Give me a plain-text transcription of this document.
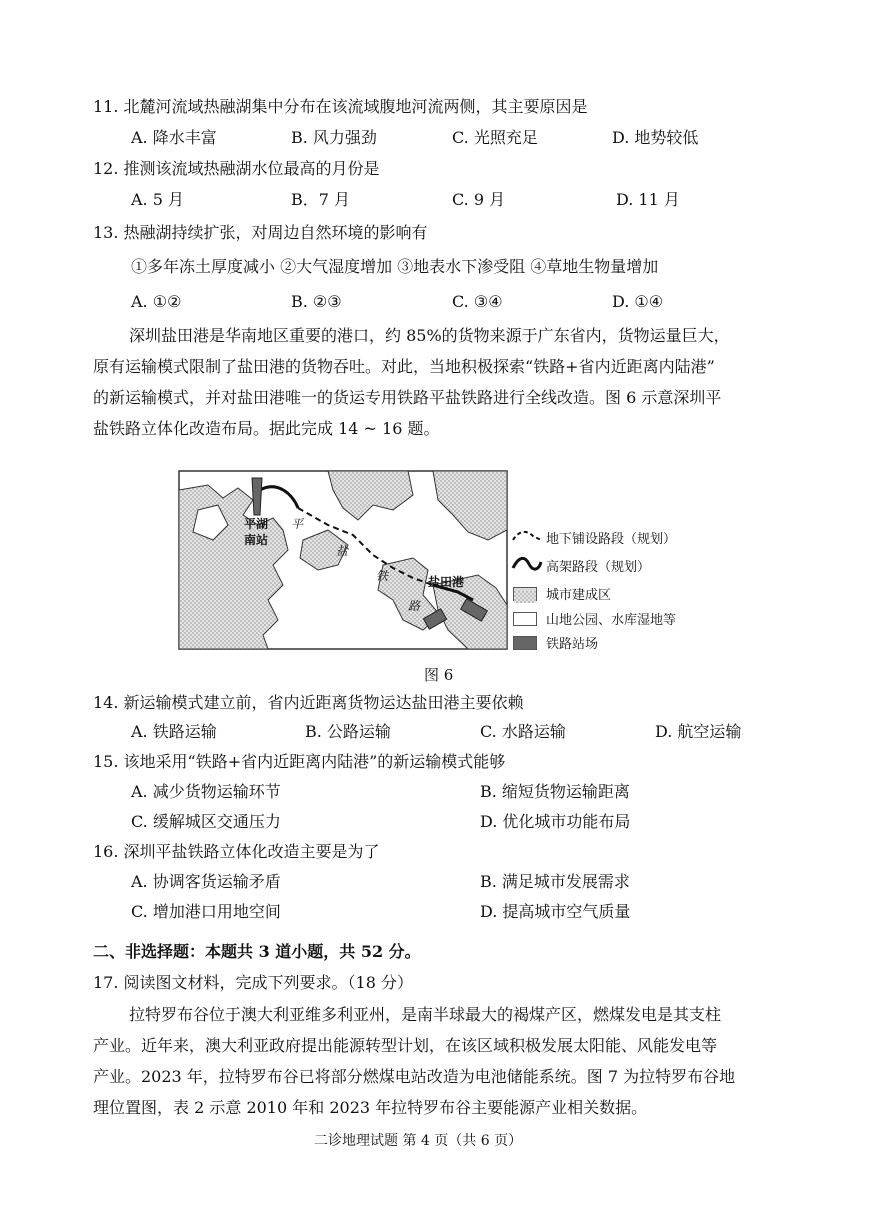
11. 北麓河流域热融湖集中分布在该流域腹地河流两侧，其主要原因是
A. 降水丰富	B. 风力强劲	C. 光照充足	D. 地势较低
12. 推测该流域热融湖水位最高的月份是
A. 5 月	B．7 月	C. 9 月	D. 11 月
13. 热融湖持续扩张，对周边自然环境的影响有
①多年冻土厚度减小 ②大气湿度增加 ③地表水下渗受阻 ④草地生物量增加
A. ①②	B. ②③	C. ③④	D. ①④
深圳盐田港是华南地区重要的港口，约 85%的货物来源于广东省内，货物运量巨大，
原有运输模式限制了盐田港的货物吞吐。对此，当地积极探索“铁路+省内近距离内陆港”
的新运输模式，并对盐田港唯一的货运专用铁路平盐铁路进行全线改造。图 6 示意深圳平
盐铁路立体化改造布局。据此完成 14 ~ 16 题。
平湖
南站
平
盐
铁
路
盐田港
地下铺设路段（规划）
高架路段（规划）
城市建成区
山地公园、水库湿地等
铁路站场
图 6
14. 新运输模式建立前，省内近距离货物运达盐田港主要依赖
A. 铁路运输	B. 公路运输	C. 水路运输	D. 航空运输
15. 该地采用“铁路+省内近距离内陆港”的新运输模式能够
A. 减少货物运输环节	B. 缩短货物运输距离
C. 缓解城区交通压力	D. 优化城市功能布局
16. 深圳平盐铁路立体化改造主要是为了
A. 协调客货运输矛盾	B. 满足城市发展需求
C. 增加港口用地空间	D. 提高城市空气质量
二、非选择题：本题共 3 道小题，共 52 分。
17. 阅读图文材料，完成下列要求。（18 分）
拉特罗布谷位于澳大利亚维多利亚州，是南半球最大的褐煤产区，燃煤发电是其支柱
产业。近年来，澳大利亚政府提出能源转型计划，在该区域积极发展太阳能、风能发电等
产业。2023 年，拉特罗布谷已将部分燃煤电站改造为电池储能系统。图 7 为拉特罗布谷地
理位置图，表 2 示意 2010 年和 2023 年拉特罗布谷主要能源产业相关数据。
二诊地理试题 第 4 页（共 6 页）
